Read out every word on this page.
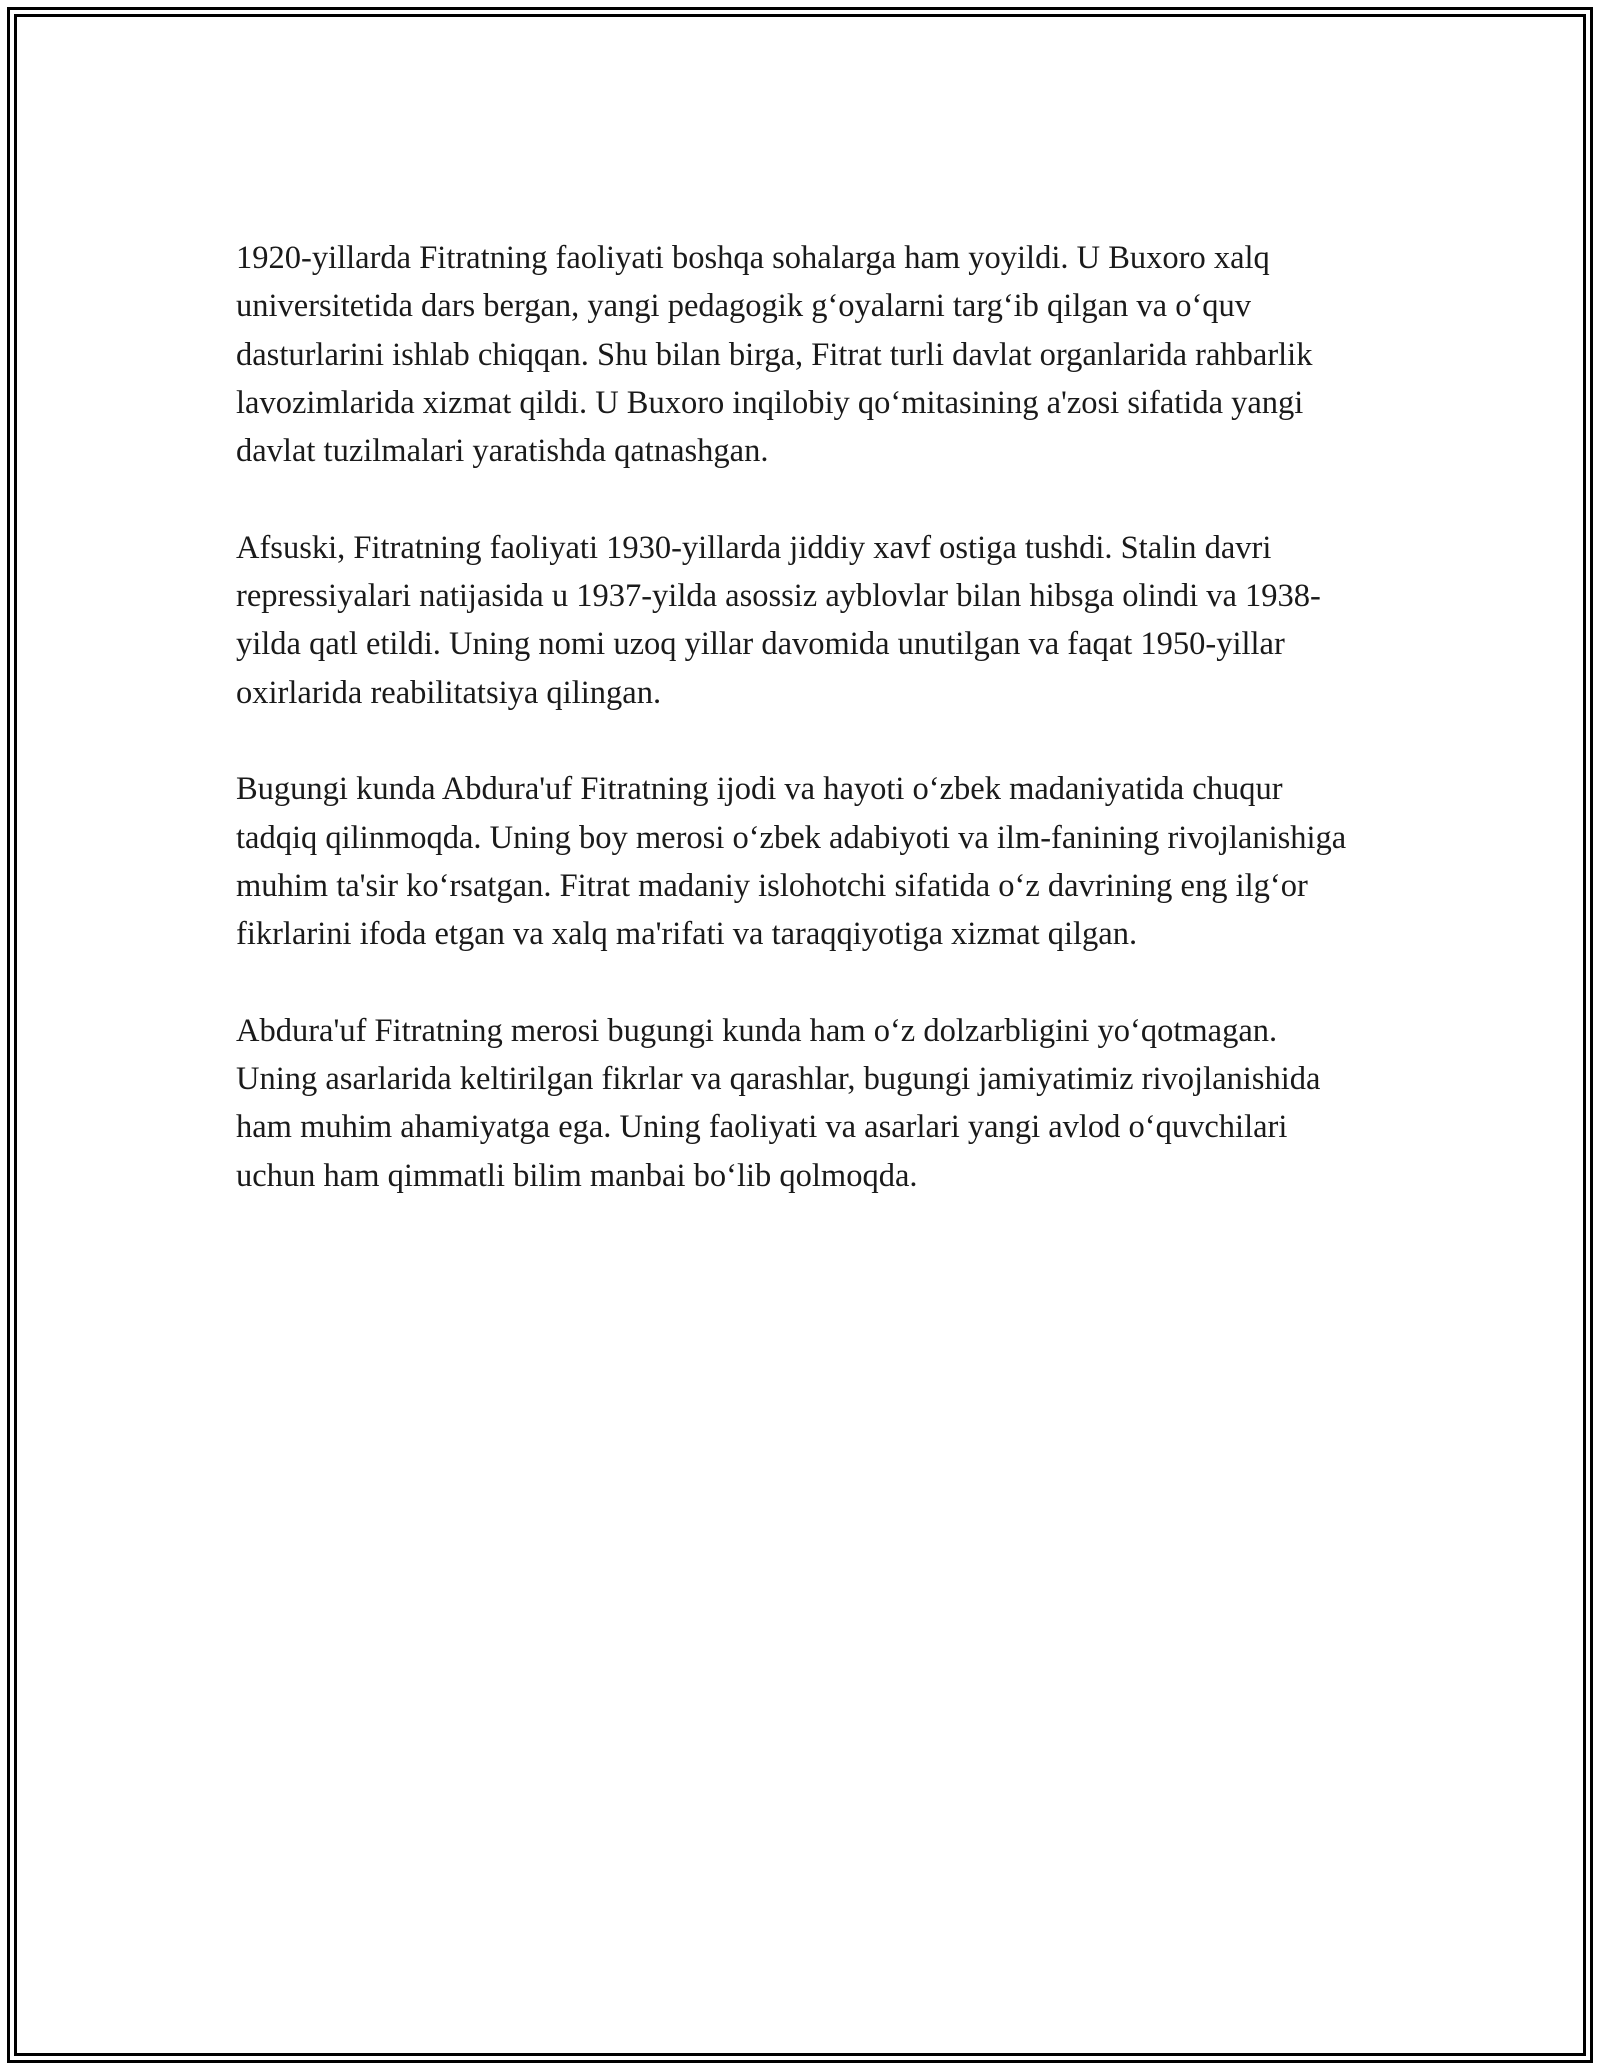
1920-yillarda Fitratning faoliyati boshqa sohalarga ham yoyildi. U Buxoro xalq universitetida dars bergan, yangi pedagogik g‘oyalarni targ‘ib qilgan va o‘quv dasturlarini ishlab chiqqan. Shu bilan birga, Fitrat turli davlat organlarida rahbarlik lavozimlarida xizmat qildi. U Buxoro inqilobiy qo‘mitasining a'zosi sifatida yangi davlat tuzilmalari yaratishda qatnashgan.

Afsuski, Fitratning faoliyati 1930-yillarda jiddiy xavf ostiga tushdi. Stalin davri repressiyalari natijasida u 1937-yilda asossiz ayblovlar bilan hibsga olindi va 1938-yilda qatl etildi. Uning nomi uzoq yillar davomida unutilgan va faqat 1950-yillar oxirlarida reabilitatsiya qilingan.

Bugungi kunda Abdura'uf Fitratning ijodi va hayoti o‘zbek madaniyatida chuqur tadqiq qilinmoqda. Uning boy merosi o‘zbek adabiyoti va ilm-fanining rivojlanishiga muhim ta'sir ko‘rsatgan. Fitrat madaniy islohotchi sifatida o‘z davrining eng ilg‘or fikrlarini ifoda etgan va xalq ma'rifati va taraqqiyotiga xizmat qilgan.

Abdura'uf Fitratning merosi bugungi kunda ham o‘z dolzarbligini yo‘qotmagan. Uning asarlarida keltirilgan fikrlar va qarashlar, bugungi jamiyatimiz rivojlanishida ham muhim ahamiyatga ega. Uning faoliyati va asarlari yangi avlod o‘quvchilari uchun ham qimmatli bilim manbai bo‘lib qolmoqda.
